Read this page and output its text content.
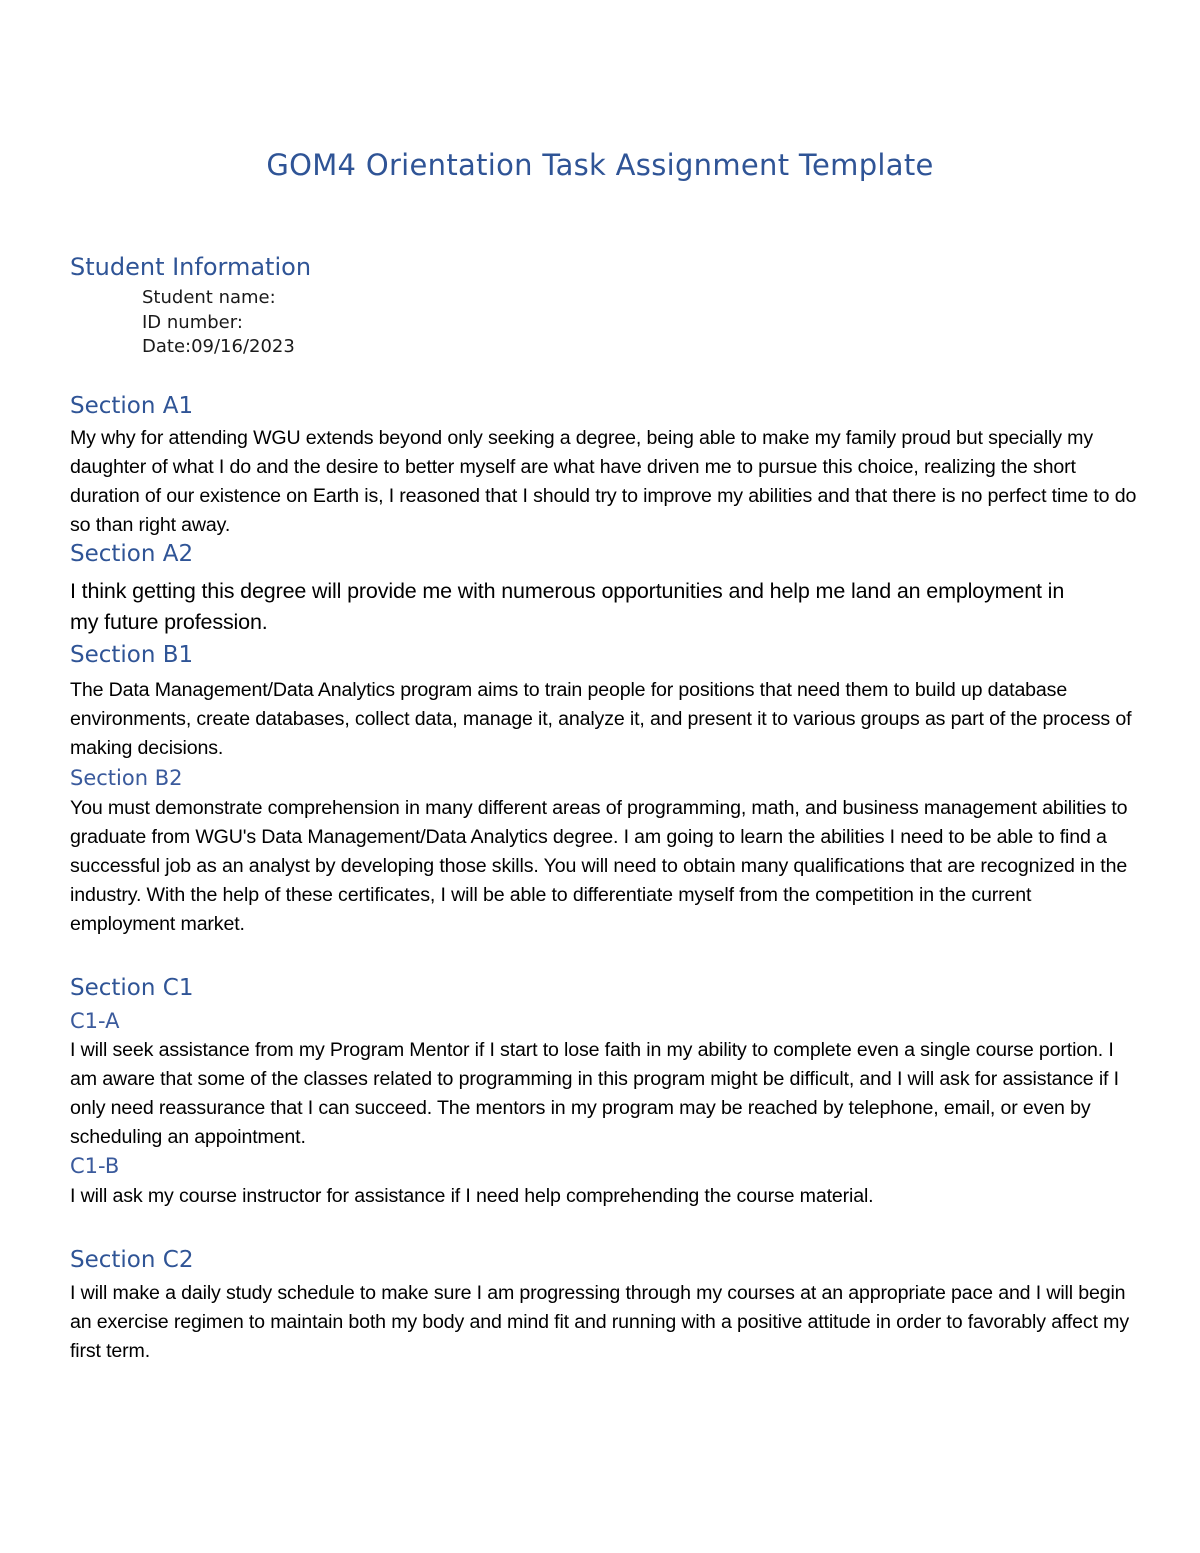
GOM4 Orientation Task Assignment Template
Student Information
Student name:
ID number:
Date:09/16/2023
Section A1

My why for attending WGU extends beyond only seeking a degree, being able to make my family proud but specially my daughter of what I do and the desire to better myself are what have driven me to pursue this choice, realizing the short duration of our existence on Earth is, I reasoned that I should try to improve my abilities and that there is no perfect time to do so than right away.

Section A2

I think getting this degree will provide me with numerous opportunities and help me land an employment in my future profession.

Section B1

The Data Management/Data Analytics program aims to train people for positions that need them to build up database environments, create databases, collect data, manage it, analyze it, and present it to various groups as part of the process of making decisions.

Section B2

You must demonstrate comprehension in many different areas of programming, math, and business management abilities to graduate from WGU's Data Management/Data Analytics degree. I am going to learn the abilities I need to be able to find a successful job as an analyst by developing those skills. You will need to obtain many qualifications that are recognized in the industry. With the help of these certificates, I will be able to differentiate myself from the competition in the current employment market.

Section C1
C1-A

I will seek assistance from my Program Mentor if I start to lose faith in my ability to complete even a single course portion. I am aware that some of the classes related to programming in this program might be difficult, and I will ask for assistance if I only need reassurance that I can succeed. The mentors in my program may be reached by telephone, email, or even by scheduling an appointment.

C1-B

I will ask my course instructor for assistance if I need help comprehending the course material.

Section C2

I will make a daily study schedule to make sure I am progressing through my courses at an appropriate pace and I will begin an exercise regimen to maintain both my body and mind fit and running with a positive attitude in order to favorably affect my first term.
